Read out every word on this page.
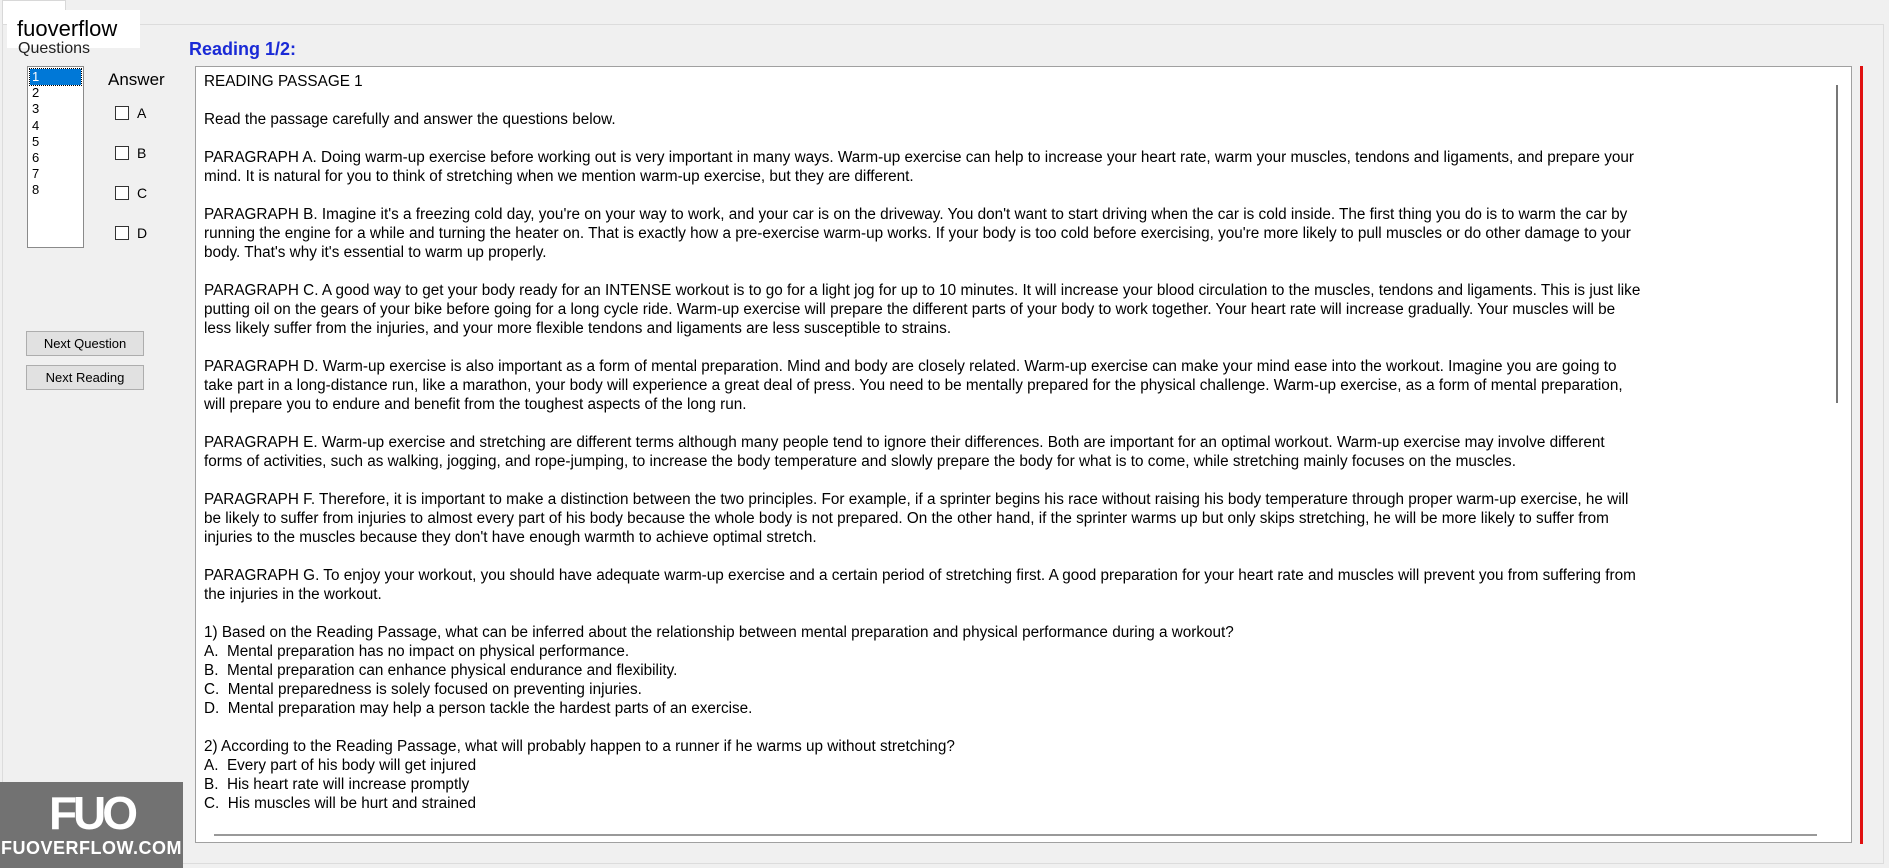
fuoverflow
Questions
1
2
3
4
5
6
7
8
Answer
A
B
C
D
Next Question
Next Reading
Reading 1/2:
READING PASSAGE 1

Read the passage carefully and answer the questions below.

PARAGRAPH A. Doing warm-up exercise before working out is very important in many ways. Warm-up exercise can help to increase your heart rate, warm your muscles, tendons and ligaments, and prepare your mind. It is natural for you to think of stretching when we mention warm-up exercise, but they are different.

PARAGRAPH B. Imagine it's a freezing cold day, you're on your way to work, and your car is on the driveway. You don't want to start driving when the car is cold inside. The first thing you do is to warm the car by running the engine for a while and turning the heater on. That is exactly how a pre-exercise warm-up works. If your body is too cold before exercising, you're more likely to pull muscles or do other damage to your body. That's why it's essential to warm up properly.

PARAGRAPH C. A good way to get your body ready for an INTENSE workout is to go for a light jog for up to 10 minutes. It will increase your blood circulation to the muscles, tendons and ligaments. This is just like putting oil on the gears of your bike before going for a long cycle ride. Warm-up exercise will prepare the different parts of your body to work together. Your heart rate will increase gradually. Your muscles will be less likely suffer from the injuries, and your more flexible tendons and ligaments are less susceptible to strains.

PARAGRAPH D. Warm-up exercise is also important as a form of mental preparation. Mind and body are closely related. Warm-up exercise can make your mind ease into the workout. Imagine you are going to take part in a long-distance run, like a marathon, your body will experience a great deal of press. You need to be mentally prepared for the physical challenge. Warm-up exercise, as a form of mental preparation, will prepare you to endure and benefit from the toughest aspects of the long run.

PARAGRAPH E. Warm-up exercise and stretching are different terms although many people tend to ignore their differences. Both are important for an optimal workout. Warm-up exercise may involve different forms of activities, such as walking, jogging, and rope-jumping, to increase the body temperature and slowly prepare the body for what is to come, while stretching mainly focuses on the muscles.

PARAGRAPH F. Therefore, it is important to make a distinction between the two principles. For example, if a sprinter begins his race without raising his body temperature through proper warm-up exercise, he will be likely to suffer from injuries to almost every part of his body because the whole body is not prepared. On the other hand, if the sprinter warms up but only skips stretching, he will be more likely to suffer from injuries to the muscles because they don't have enough warmth to achieve optimal stretch.

PARAGRAPH G. To enjoy your workout, you should have adequate warm-up exercise and a certain period of stretching first. A good preparation for your heart rate and muscles will prevent you from suffering from the injuries in the workout.

1) Based on the Reading Passage, what can be inferred about the relationship between mental preparation and physical performance during a workout?
A.  Mental preparation has no impact on physical performance.
B.  Mental preparation can enhance physical endurance and flexibility.
C.  Mental preparedness is solely focused on preventing injuries.
D.  Mental preparation may help a person tackle the hardest parts of an exercise.

2) According to the Reading Passage, what will probably happen to a runner if he warms up without stretching?
A.  Every part of his body will get injured
B.  His heart rate will increase promptly
C.  His muscles will be hurt and strained
FUO
FUOVERFLOW.COM
